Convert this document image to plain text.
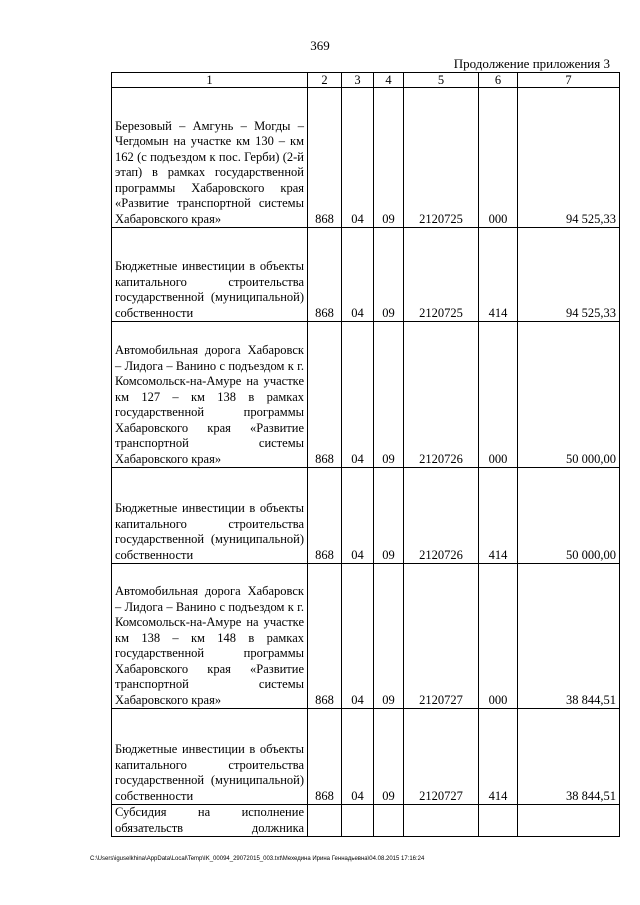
369
Продолжение приложения 3
1	2	3	4	5	6	7

Березовый – Амгунь – Могды – Чегдомын на участке км 130 – км 162 (с подъездом к пос. Герби) (2-й этап) в рамках государственной программы Хабаровского края «Развитие транспортной системы
Хабаровского края»	868	04	09	2120725	000	94 525,33

Бюджетные инвестиции в объекты капитального строительства государственной (муниципальной)
собственности	868	04	09	2120725	414	94 525,33

Автомобильная дорога Хабаровск – Лидога – Ванино с подъездом к г. Комсомольск-на-Амуре на участке км 127 – км 138 в рамках государственной программы Хабаровского края «Развитие транспортной системы
Хабаровского края»	868	04	09	2120726	000	50 000,00

Бюджетные инвестиции в объекты капитального строительства государственной (муниципальной)
собственности	868	04	09	2120726	414	50 000,00

Автомобильная дорога Хабаровск – Лидога – Ванино с подъездом к г. Комсомольск-на-Амуре на участке км 138 – км 148 в рамках государственной программы Хабаровского края «Развитие транспортной системы
Хабаровского края»	868	04	09	2120727	000	38 844,51

Бюджетные инвестиции в объекты капитального строительства государственной (муниципальной)
собственности	868	04	09	2120727	414	38 844,51

Субсидия на исполнение обязательств должника						

C:\Users\iguselkhina\AppData\Local\Temp\IK_00094_29072015_003.txt\Мехедина Ирина Геннадьевна\04.08.2015 17:16:24
